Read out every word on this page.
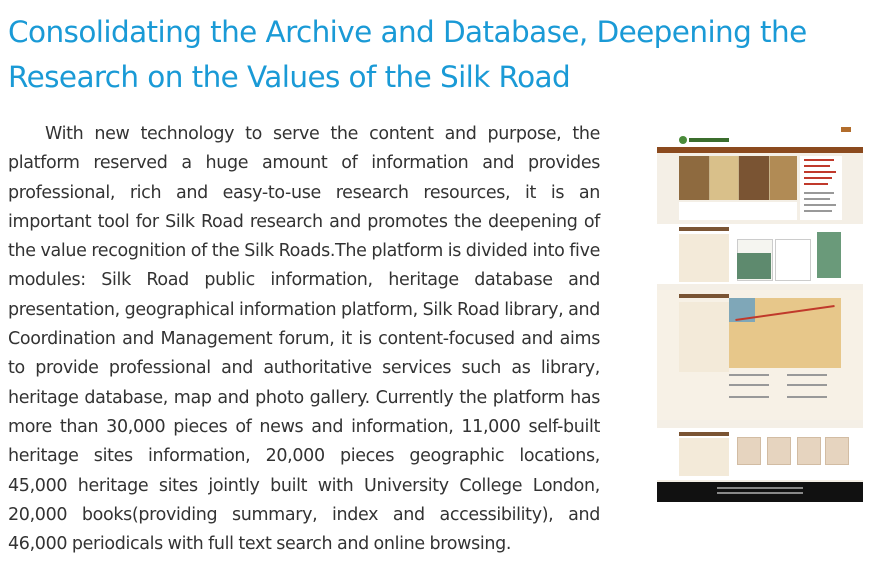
Consolidating the Archive and Database, Deepening the Research on the Values of the Silk Road

With new technology to serve the content and purpose, the platform reserved a huge amount of information and provides professional, rich and easy-to-use research resources, it is an important tool for Silk Road research and promotes the deepening of the value recognition of the Silk Roads.The platform is divided into five modules: Silk Road public information, heritage database and presentation, geographical information platform, Silk Road library, and Coordination and Management forum, it is content-focused and aims to provide professional and authoritative services such as library, heritage database, map and photo gallery. Currently the platform has more than 30,000 pieces of news and information, 11,000 self-built heritage sites information, 20,000 pieces geographic locations, 45,000 heritage sites jointly built with University College London, 20,000 books(providing summary, index and accessibility), and 46,000 periodicals with full text search and online browsing.
